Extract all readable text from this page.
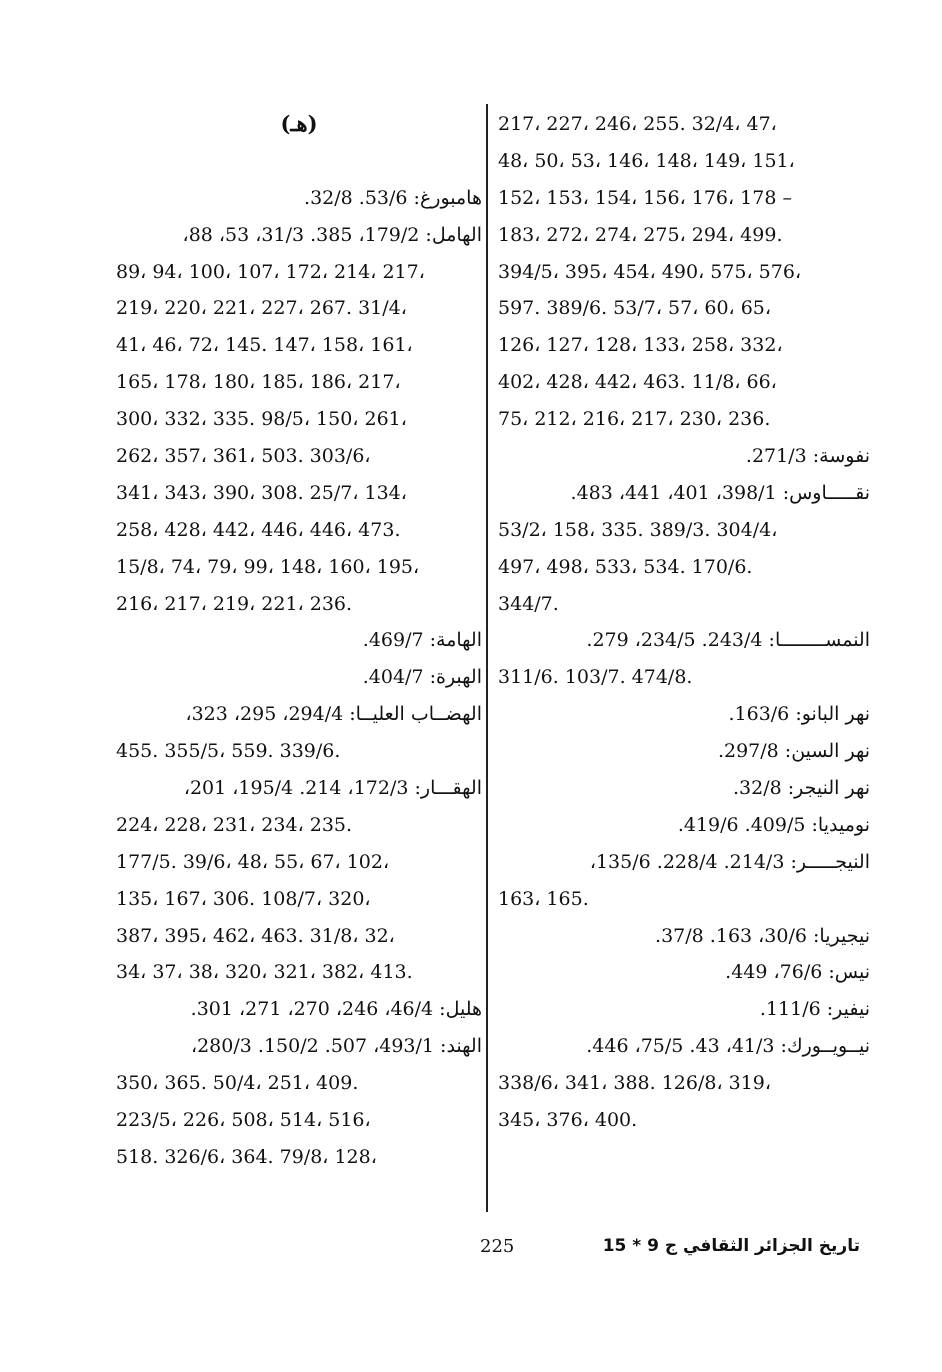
217، 227، 246، 255. 32/4، 47،
48، 50، 53، 146، 148، 149، 151،
152، 153، 154، 156، 176، 178 –
183، 272، 274، 275، 294، 499.
394/5، 395، 454، 490، 575، 576،
597. 389/6. 53/7، 57، 60، 65،
126، 127، 128، 133، 258، 332،
402، 428، 442، 463. 11/8، 66،
75، 212، 216، 217، 230، 236.
نفوسة: 271/3.
نقـــــاوس: 398/1، 401، 441، 483.
53/2، 158، 335. 389/3. 304/4،
497، 498، 533، 534. 170/6.
344/7.
النمســــــــا: 243/4. 234/5، 279.
311/6. 103/7. 474/8.
نهر البانو: 163/6.
نهر السين: 297/8.
نهر النيجر: 32/8.
نوميديا: 409/5. 419/6.
النيجـــــر: 214/3. 228/4. 135/6،
163، 165.
نيجيريا: 30/6، 163. 37/8.
نيس: 76/6، 449.
نيفير: 111/6.
نيــويــورك: 41/3، 43. 75/5، 446.
338/6، 341، 388. 126/8، 319،
345، 376، 400.
(هـ)
هامبورغ: 53/6. 32/8.
الهامل: 179/2، 385. 31/3، 53، 88،
89، 94، 100، 107، 172، 214، 217،
219، 220، 221، 227، 267. 31/4،
41، 46، 72، 145. 147، 158، 161،
165، 178، 180، 185، 186، 217،
300، 332، 335. 98/5، 150، 261،
262، 357، 361، 503. 303/6،
341، 343، 390، 308. 25/7، 134،
258، 428، 442، 446، 446، 473.
15/8، 74، 79، 99، 148، 160، 195،
216، 217، 219، 221، 236.
الهامة: 469/7.
الهبرة: 404/7.
الهضــاب العليــا: 294/4، 295، 323،
455. 355/5، 559. 339/6.
الهقـــار: 172/3، 214. 195/4، 201،
224، 228، 231، 234، 235.
177/5. 39/6، 48، 55، 67، 102،
135، 167، 306. 108/7، 320،
387، 395، 462، 463. 31/8، 32،
34، 37، 38، 320، 321، 382، 413.
هليل: 46/4، 246، 270، 271، 301.
الهند: 493/1، 507. 150/2. 280/3،
350، 365. 50/4، 251، 409.
223/5، 226، 508، 514، 516،
518. 326/6، 364. 79/8، 128،
تاريخ الجزائر الثقافي ج 9 * 15
225
